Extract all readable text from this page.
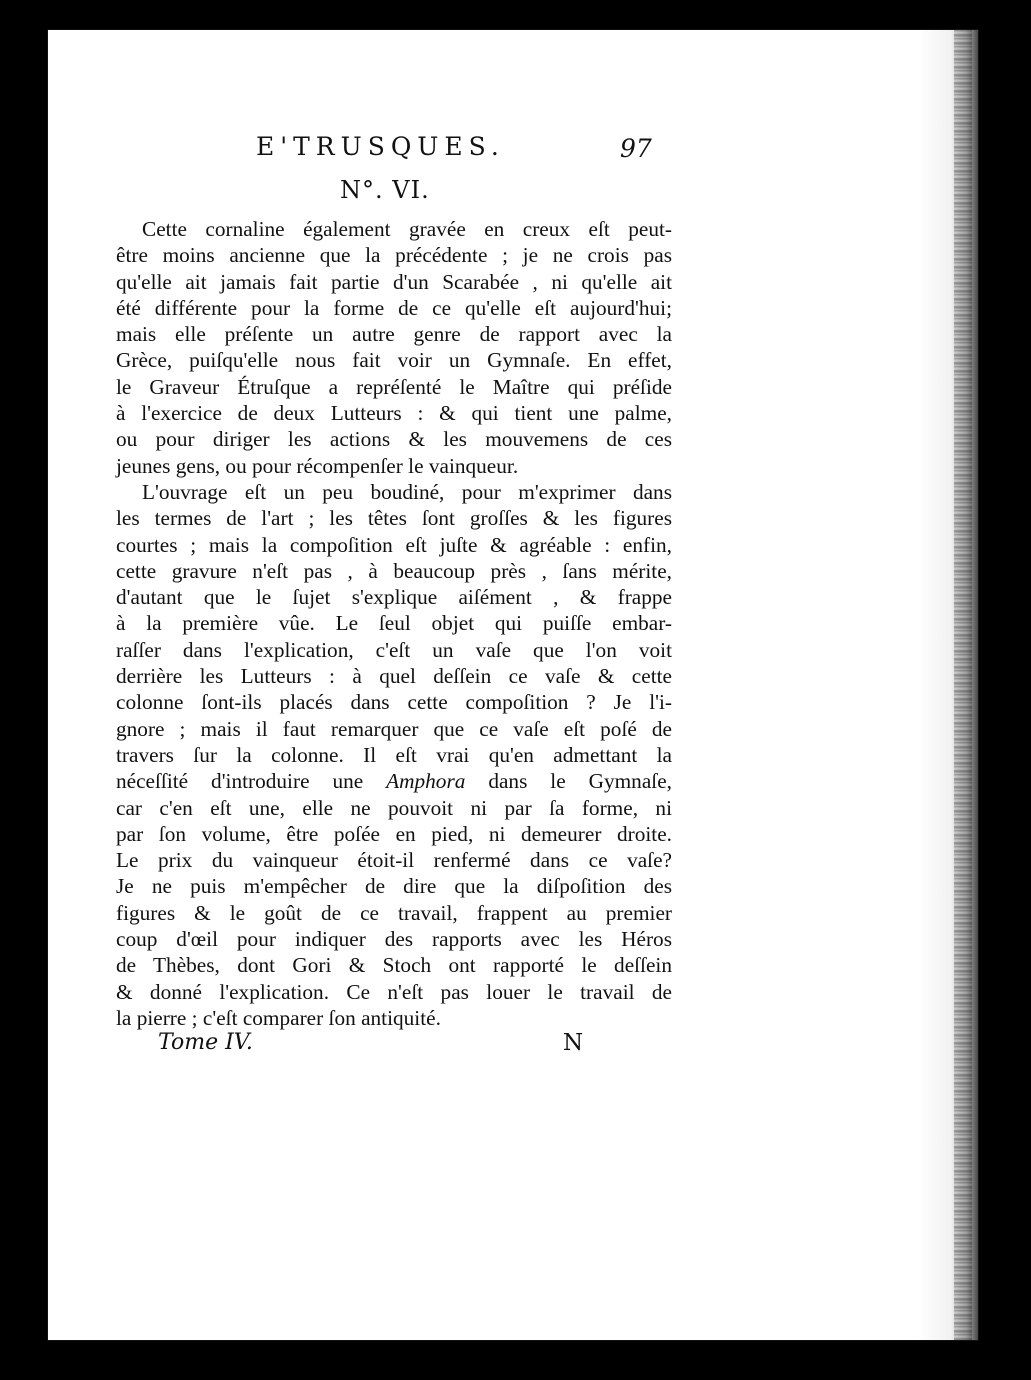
E'TRUSQUES.	97
N°. VI.

Cette cornaline également gravée en creux eſt peut-
être moins ancienne que la précédente ; je ne crois pas
qu'elle ait jamais fait partie d'un Scarabée , ni qu'elle ait
été différente pour la forme de ce qu'elle eſt aujourd'hui;
mais elle préſente un autre genre de rapport avec la
Grèce, puiſqu'elle nous fait voir un Gymnaſe. En effet,
le Graveur Étruſque a repréſenté le Maître qui préſide
à l'exercice de deux Lutteurs : & qui tient une palme,
ou pour diriger les actions & les mouvemens de ces
jeunes gens, ou pour récompenſer le vainqueur.

L'ouvrage eſt un peu boudiné, pour m'exprimer dans
les termes de l'art ; les têtes ſont groſſes & les figures
courtes ; mais la compoſition eſt juſte & agréable : enfin,
cette gravure n'eſt pas , à beaucoup près , ſans mérite,
d'autant que le ſujet s'explique aiſément , & frappe
à la première vûe. Le ſeul objet qui puiſſe embar-
raſſer dans l'explication, c'eſt un vaſe que l'on voit
derrière les Lutteurs : à quel deſſein ce vaſe & cette
colonne ſont-ils placés dans cette compoſition ? Je l'i-
gnore ; mais il faut remarquer que ce vaſe eſt poſé de
travers ſur la colonne. Il eſt vrai qu'en admettant la
néceſſité d'introduire une Amphora dans le Gymnaſe,
car c'en eſt une, elle ne pouvoit ni par ſa forme, ni
par ſon volume, être poſée en pied, ni demeurer droite.
Le prix du vainqueur étoit-il renfermé dans ce vaſe?
Je ne puis m'empêcher de dire que la diſpoſition des
figures & le goût de ce travail, frappent au premier
coup d'œil pour indiquer des rapports avec les Héros
de Thèbes, dont Gori & Stoch ont rapporté le deſſein
& donné l'explication. Ce n'eſt pas louer le travail de
la pierre ; c'eſt comparer ſon antiquité.

Tome IV.	N
